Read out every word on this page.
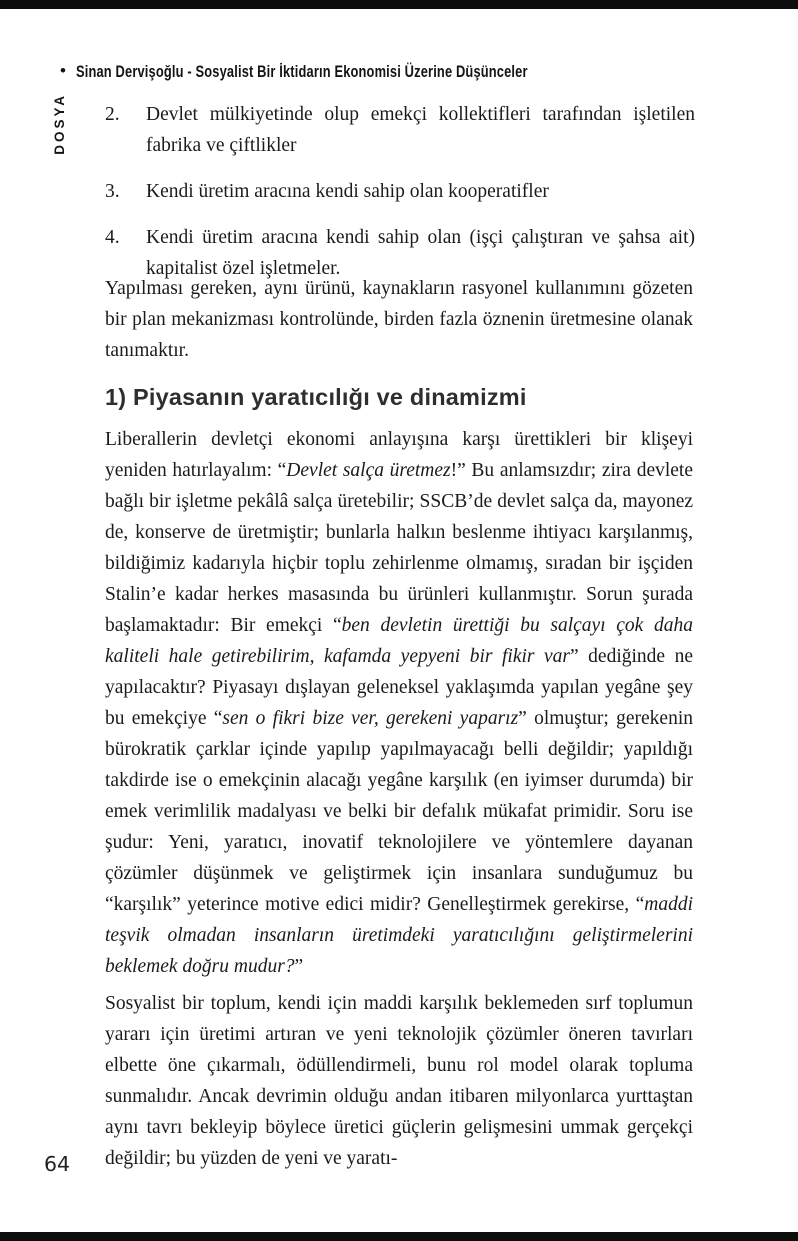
• Sinan Dervişoğlu - Sosyalist Bir İktidarın Ekonomisi Üzerine Düşünceler
DOSYA 2.	Devlet mülkiyetinde olup emekçi kollektifleri tarafından işletilen fabrika ve çiftlikler
3.	Kendi üretim aracına kendi sahip olan kooperatifler
4.	Kendi üretim aracına kendi sahip olan (işçi çalıştıran ve şahsa ait) kapitalist özel işletmeler.

Yapılması gereken, aynı ürünü, kaynakların rasyonel kullanımını gözeten bir plan mekanizması kontrolünde, birden fazla öznenin üretmesine olanak tanımaktır.

1) Piyasanın yaratıcılığı ve dinamizmi

Liberallerin devletçi ekonomi anlayışına karşı ürettikleri bir klişeyi yeniden hatırlayalım: “Devlet salça üretmez!” Bu anlamsızdır; zira devlete bağlı bir işletme pekâlâ salça üretebilir; SSCB’de devlet salça da, mayonez de, konserve de üretmiştir; bunlarla halkın beslenme ihtiyacı karşılanmış, bildiğimiz kadarıyla hiçbir toplu zehirlenme olmamış, sıradan bir işçiden Stalin’e kadar herkes masasında bu ürünleri kullanmıştır. Sorun şurada başlamaktadır: Bir emekçi “ben devletin ürettiği bu salçayı çok daha kaliteli hale getirebilirim, kafamda yepyeni bir fikir var” dediğinde ne yapılacaktır? Piyasayı dışlayan geleneksel yaklaşımda yapılan yegâne şey bu emekçiye “sen o fikri bize ver, gerekeni yaparız” olmuştur; gerekenin bürokratik çarklar içinde yapılıp yapılmayacağı belli değildir; yapıldığı takdirde ise o emekçinin alacağı yegâne karşılık (en iyimser durumda) bir emek verimlilik madalyası ve belki bir defalık mükafat primidir. Soru ise şudur: Yeni, yaratıcı, inovatif teknolojilere ve yöntemlere dayanan çözümler düşünmek ve geliştirmek için insanlara sunduğumuz bu “karşılık” yeterince motive edici midir? Genelleştirmek gerekirse, “maddi teşvik olmadan insanların üretimdeki yaratıcılığını geliştirmelerini beklemek doğru mudur?”

Sosyalist bir toplum, kendi için maddi karşılık beklemeden sırf toplumun yararı için üretimi artıran ve yeni teknolojik çözümler öneren tavırları elbette öne çıkarmalı, ödüllendirmeli, bunu rol model olarak topluma sunmalıdır. Ancak devrimin olduğu andan itibaren milyonlarca yurttaştan aynı tavrı bekleyip böylece üretici güçlerin gelişmesini ummak gerçekçi değildir; bu yüzden de yeni ve yaratı-

64
